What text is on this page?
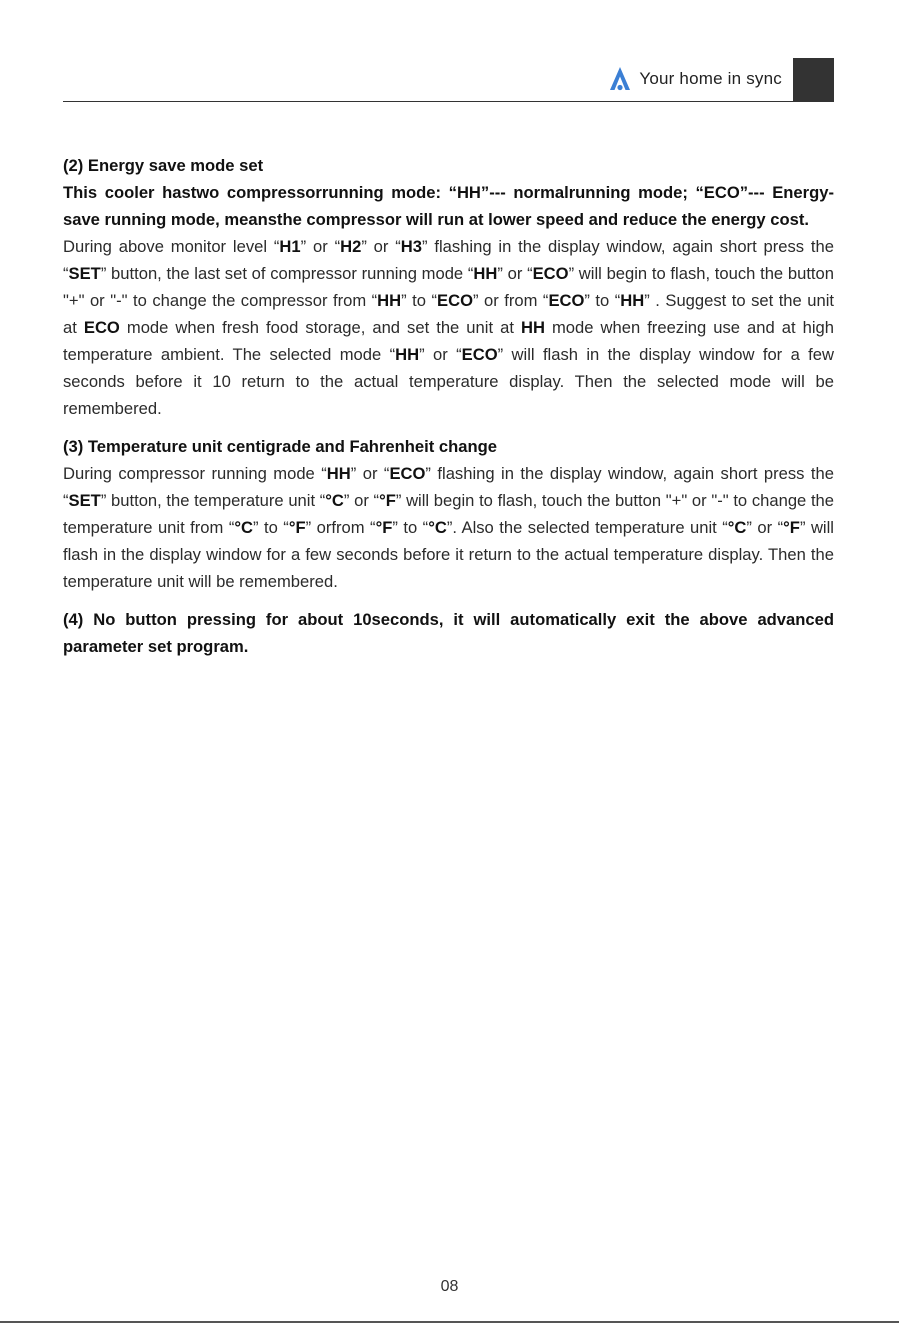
Your home in sync

(2) Energy save mode set

This cooler hastwo compressorrunning mode: “HH”--- normalrunning mode; “ECO”--- Energy-save running mode, meansthe compressor will run at lower speed and reduce the energy cost.

During above monitor level “H1” or “H2” or “H3” flashing in the display window, again short press the “SET” button, the last set of compressor running mode “HH” or “ECO” will begin to flash, touch the button "+" or "-" to change the compressor from “HH” to “ECO” or from “ECO” to “HH” . Suggest to set the unit at ECO mode when fresh food storage, and set the unit at HH mode when freezing use and at high temperature ambient. The selected mode “HH” or “ECO” will flash in the display window for a few seconds before it 10 return to the actual temperature display. Then the selected mode will be remembered.

(3) Temperature unit centigrade and Fahrenheit change

During compressor running mode “HH” or “ECO” flashing in the display window, again short press the “SET” button, the temperature unit “°C” or “°F” will begin to flash, touch the button "+" or "-" to change the temperature unit from “°C” to “°F” orfrom “°F” to “°C”. Also the selected temperature unit “°C” or “°F” will flash in the display window for a few seconds before it return to the actual temperature display. Then the temperature unit will be remembered.

(4) No button pressing for about 10seconds, it will automatically exit the above advanced parameter set program.

08
